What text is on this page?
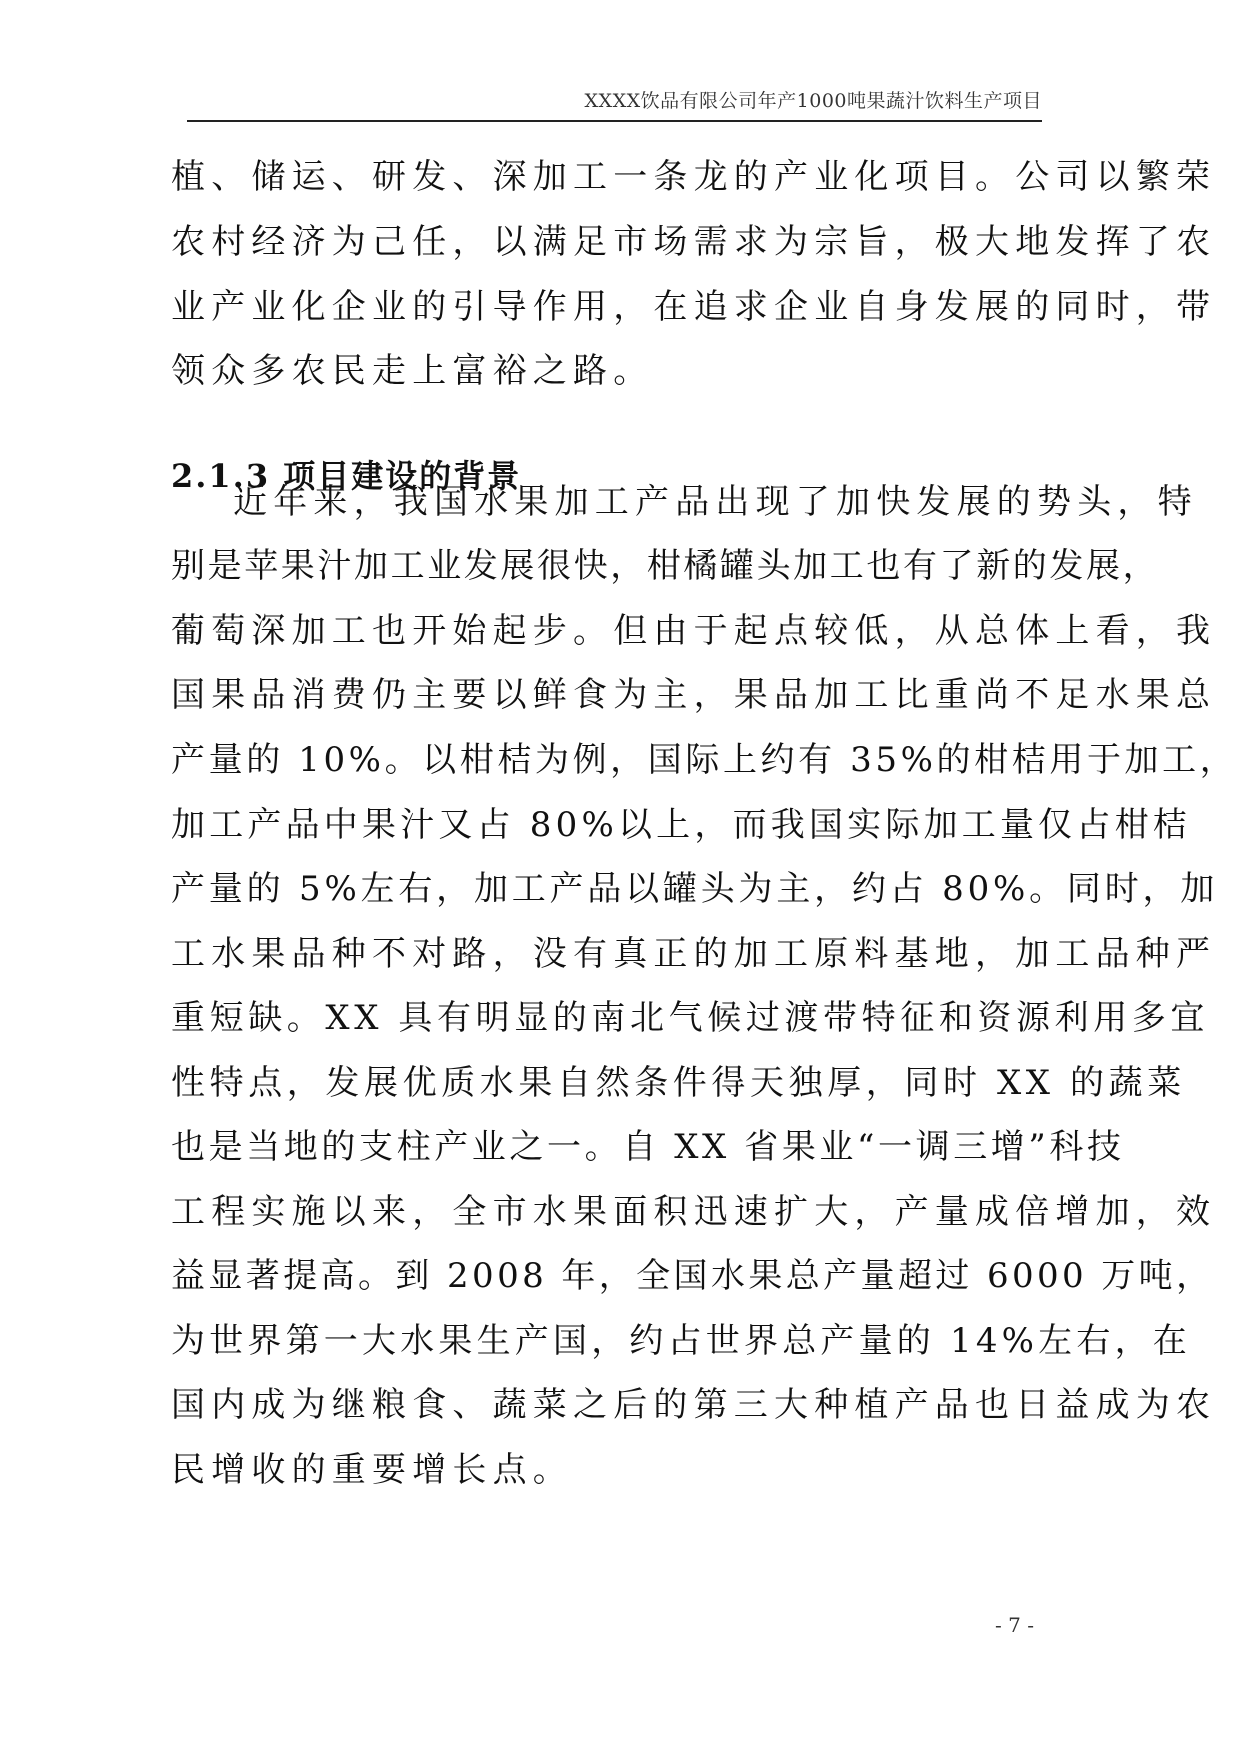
XXXX饮品有限公司年产1000吨果蔬汁饮料生产项目
植、储运、研发、深加工一条龙的产业化项目。公司以繁荣
农村经济为己任，以满足市场需求为宗旨，极大地发挥了农
业产业化企业的引导作用，在追求企业自身发展的同时，带
领众多农民走上富裕之路。
2.1.3 项目建设的背景
近年来，我国水果加工产品出现了加快发展的势头，特
别是苹果汁加工业发展很快，柑橘罐头加工也有了新的发展，
葡萄深加工也开始起步。但由于起点较低，从总体上看，我
国果品消费仍主要以鲜食为主，果品加工比重尚不足水果总
产量的 10%。以柑桔为例，国际上约有 35%的柑桔用于加工，
加工产品中果汁又占 80%以上，而我国实际加工量仅占柑桔
产量的 5%左右，加工产品以罐头为主，约占 80%。同时，加
工水果品种不对路，没有真正的加工原料基地，加工品种严
重短缺。XX 具有明显的南北气候过渡带特征和资源利用多宜
性特点，发展优质水果自然条件得天独厚，同时 XX 的蔬菜
也是当地的支柱产业之一。自 XX 省果业“一调三增”科技
工程实施以来，全市水果面积迅速扩大，产量成倍增加，效
益显著提高。到 2008 年，全国水果总产量超过 6000 万吨，
为世界第一大水果生产国，约占世界总产量的 14%左右，在
国内成为继粮食、蔬菜之后的第三大种植产品也日益成为农
民增收的重要增长点。
- 7 -
